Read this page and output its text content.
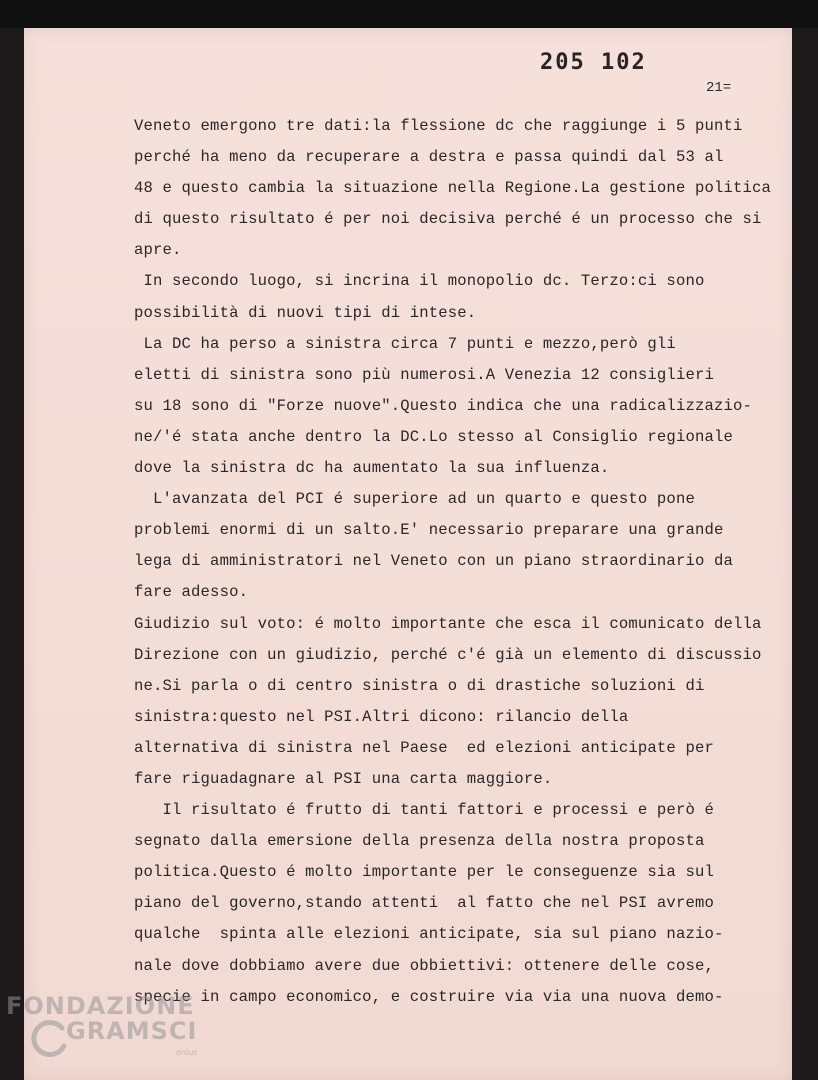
205 102

21=

Veneto emergono tre dati:la flessione dc che raggiunge i 5 punti
perché ha meno da recuperare a destra e passa quindi dal 53 al
48 e questo cambia la situazione nella Regione.La gestione politica
di questo risultato é per noi decisiva perché é un processo che si
apre.
In secondo luogo, si incrina il monopolio dc. Terzo:ci sono
possibilità di nuovi tipi di intese.
La DC ha perso a sinistra circa 7 punti e mezzo,però gli
eletti di sinistra sono più numerosi.A Venezia 12 consiglieri
su 18 sono di "Forze nuove".Questo indica che una radicalizzazio-
ne/'é stata anche dentro la DC.Lo stesso al Consiglio regionale
dove la sinistra dc ha aumentato la sua influenza.
L'avanzata del PCI é superiore ad un quarto e questo pone
problemi enormi di un salto.E' necessario preparare una grande
lega di amministratori nel Veneto con un piano straordinario da
fare adesso.
Giudizio sul voto: é molto importante che esca il comunicato della
Direzione con un giudizio, perché c'é già un elemento di discussio
ne.Si parla o di centro sinistra o di drastiche soluzioni di
sinistra:questo nel PSI.Altri dicono: rilancio della
alternativa di sinistra nel Paese  ed elezioni anticipate per
fare riguadagnare al PSI una carta maggiore.
Il risultato é frutto di tanti fattori e processi e però é
segnato dalla emersione della presenza della nostra proposta
politica.Questo é molto importante per le conseguenze sia sul
piano del governo,stando attenti  al fatto che nel PSI avremo
qualche  spinta alle elezioni anticipate, sia sul piano nazio-
nale dove dobbiamo avere due obbiettivi: ottenere delle cose,
specie in campo economico, e costruire via via una nuova demo-
FONDAZIONE
GRAMSCI
onlus
